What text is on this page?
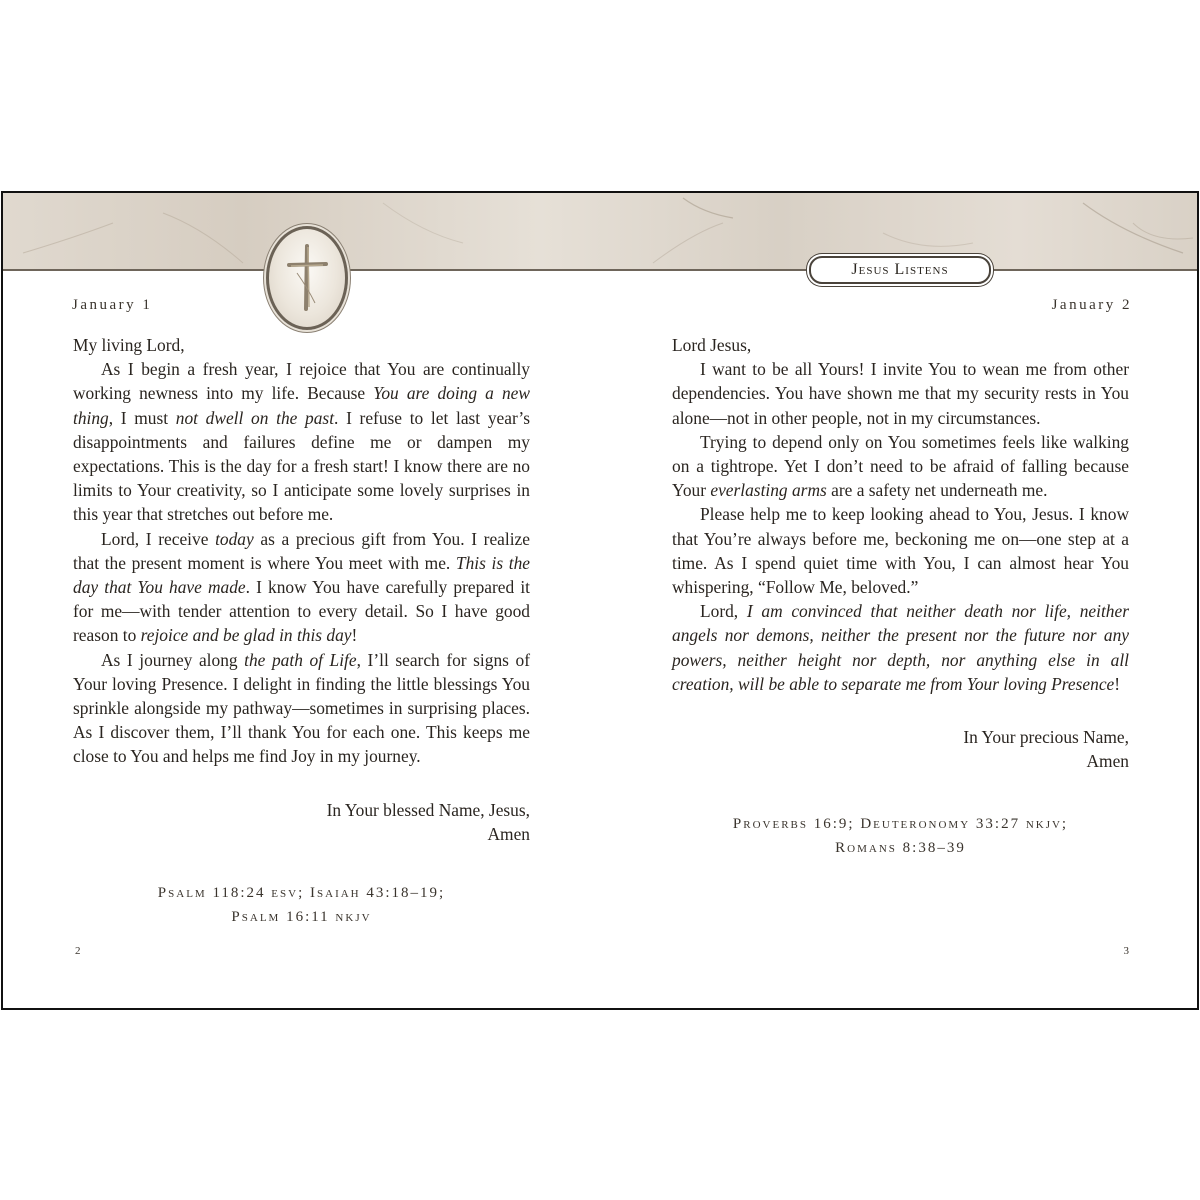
Jesus Listens
January 1

My living Lord,

As I begin a fresh year, I rejoice that You are continually working newness into my life. Because You are doing a new thing, I must not dwell on the past. I refuse to let last year’s disappointments and failures define me or dampen my expectations. This is the day for a fresh start! I know there are no limits to Your creativity, so I anticipate some lovely surprises in this year that stretches out before me.

Lord, I receive today as a precious gift from You. I realize that the present moment is where You meet with me. This is the day that You have made. I know You have carefully prepared it for me—with tender attention to every detail. So I have good reason to rejoice and be glad in this day!

As I journey along the path of Life, I’ll search for signs of Your loving Presence. I delight in finding the little blessings You sprinkle alongside my pathway—sometimes in surprising places. As I discover them, I’ll thank You for each one. This keeps me close to You and helps me find Joy in my journey.

In Your blessed Name, Jesus,
Amen
Psalm 118:24 esv; Isaiah 43:18–19;
Psalm 16:11 nkjv
2
January 2

Lord Jesus,

I want to be all Yours! I invite You to wean me from other dependencies. You have shown me that my security rests in You alone—not in other people, not in my circumstances.

Trying to depend only on You sometimes feels like walking on a tightrope. Yet I don’t need to be afraid of falling because Your everlasting arms are a safety net underneath me.

Please help me to keep looking ahead to You, Jesus. I know that You’re always before me, beckoning me on—one step at a time. As I spend quiet time with You, I can almost hear You whispering, “Follow Me, beloved.”

Lord, I am convinced that neither death nor life, neither angels nor demons, neither the present nor the future nor any powers, neither height nor depth, nor anything else in all creation, will be able to separate me from Your loving Presence!

In Your precious Name,
Amen
Proverbs 16:9; Deuteronomy 33:27 nkjv;
Romans 8:38–39
3
